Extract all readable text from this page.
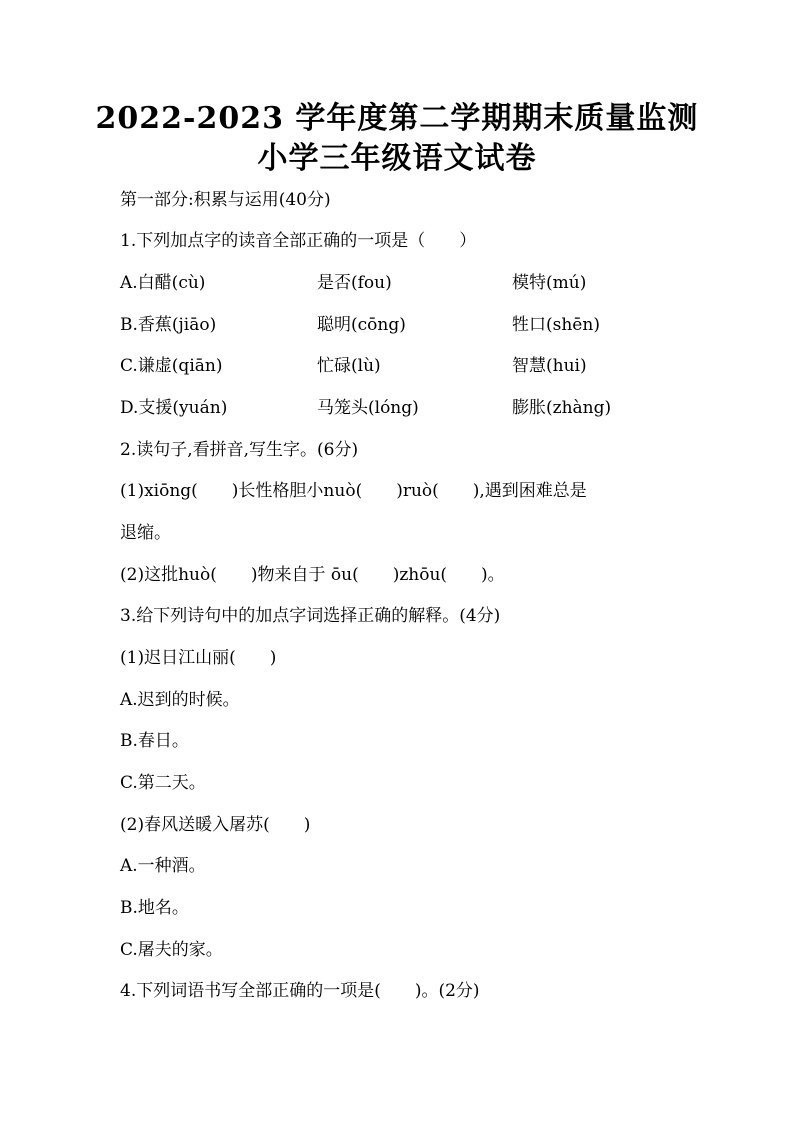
2022-2023 学年度第二学期期末质量监测
小学三年级语文试卷
第一部分:积累与运用(40分)
1.下列加点字的读音全部正确的一项是（　　）
A.白醋(cù)	是否(fou)	模特(mú)
B.香蕉(jiāo)	聪明(cōng)	牲口(shēn)
C.谦虚(qiān)	忙碌(lù)	智慧(hui)
D.支援(yuán)	马笼头(lóng)	膨胀(zhàng)
2.读句子,看拼音,写生字。(6分)
(1)xiōng(　　)长性格胆小nuò(　　)ruò(　　),遇到困难总是
退缩。
(2)这批huò(　　)物来自于 ōu(　　)zhōu(　　)。
3.给下列诗句中的加点字词选择正确的解释。(4分)
(1)迟日江山丽(　　)
A.迟到的时候。
B.春日。
C.第二天。
(2)春风送暖入屠苏(　　)
A.一种酒。
B.地名。
C.屠夫的家。
4.下列词语书写全部正确的一项是(　　)。(2分)
